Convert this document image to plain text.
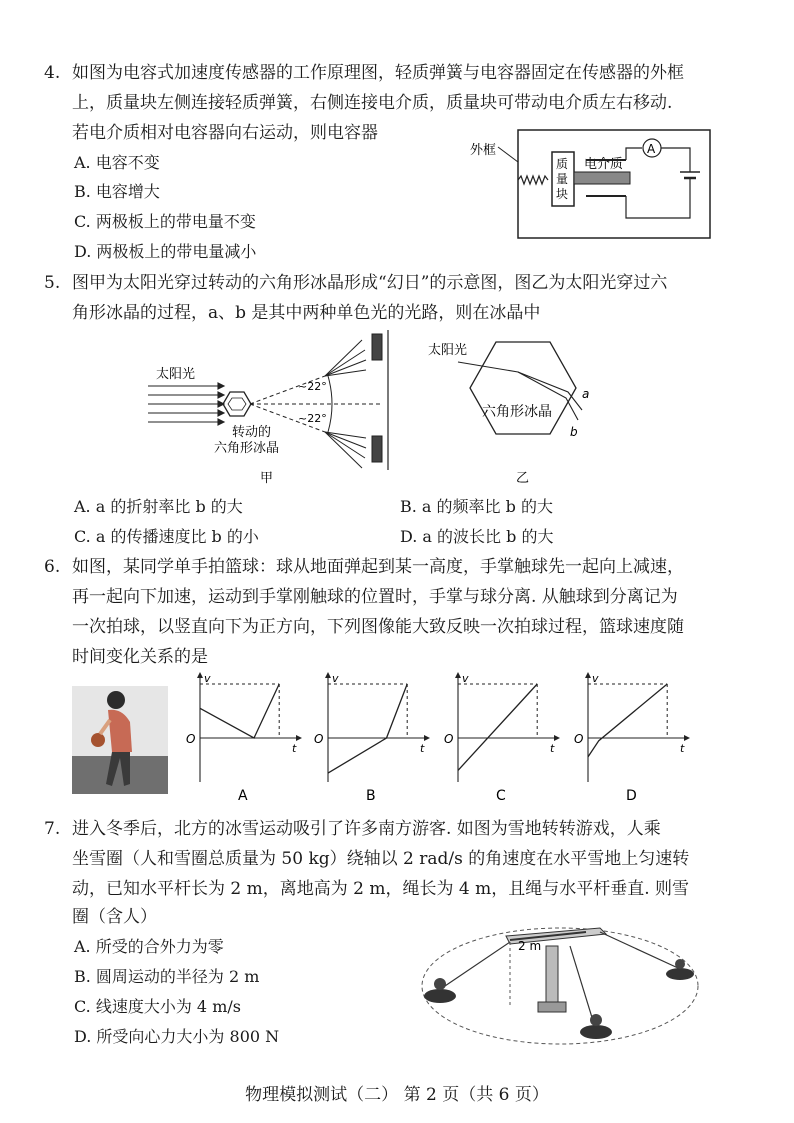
4. 如图为电容式加速度传感器的工作原理图，轻质弹簧与电容器固定在传感器的外框
上，质量块左侧连接轻质弹簧，右侧连接电介质，质量块可带动电介质左右移动.
若电介质相对电容器向右运动，则电容器
A. 电容不变
B. 电容增大
C. 两极板上的带电量不变
D. 两极板上的带电量减小
外框
质
量
块
电介质
A
5. 图甲为太阳光穿过转动的六角形冰晶形成“幻日”的示意图，图乙为太阳光穿过六
角形冰晶的过程，a、b 是其中两种单色光的光路，则在冰晶中
太阳光
~22°
~22°
转动的
六角形冰晶
甲
太阳光
a
b
六角形冰晶
乙
A. a 的折射率比 b 的大	B. a 的频率比 b 的大
C. a 的传播速度比 b 的小	D. a 的波长比 b 的大
6. 如图，某同学单手拍篮球：球从地面弹起到某一高度，手掌触球先一起向上减速，
再一起向下加速，运动到手掌刚触球的位置时，手掌与球分离. 从触球到分离记为
一次拍球，以竖直向下为正方向，下列图像能大致反映一次拍球过程，篮球速度随
时间变化关系的是
v
O
t
A
v
O
t
B
v
O
t
C
v
O
t
D
7. 进入冬季后，北方的冰雪运动吸引了许多南方游客. 如图为雪地转转游戏，人乘
坐雪圈（人和雪圈总质量为 50 kg）绕轴以 2 rad/s 的角速度在水平雪地上匀速转
动，已知水平杆长为 2 m，离地高为 2 m，绳长为 4 m，且绳与水平杆垂直. 则雪
圈（含人）
A. 所受的合外力为零
B. 圆周运动的半径为 2 m
C. 线速度大小为 4 m/s
D. 所受向心力大小为 800 N
2 m
物理模拟测试（二） 第 2 页（共 6 页）
